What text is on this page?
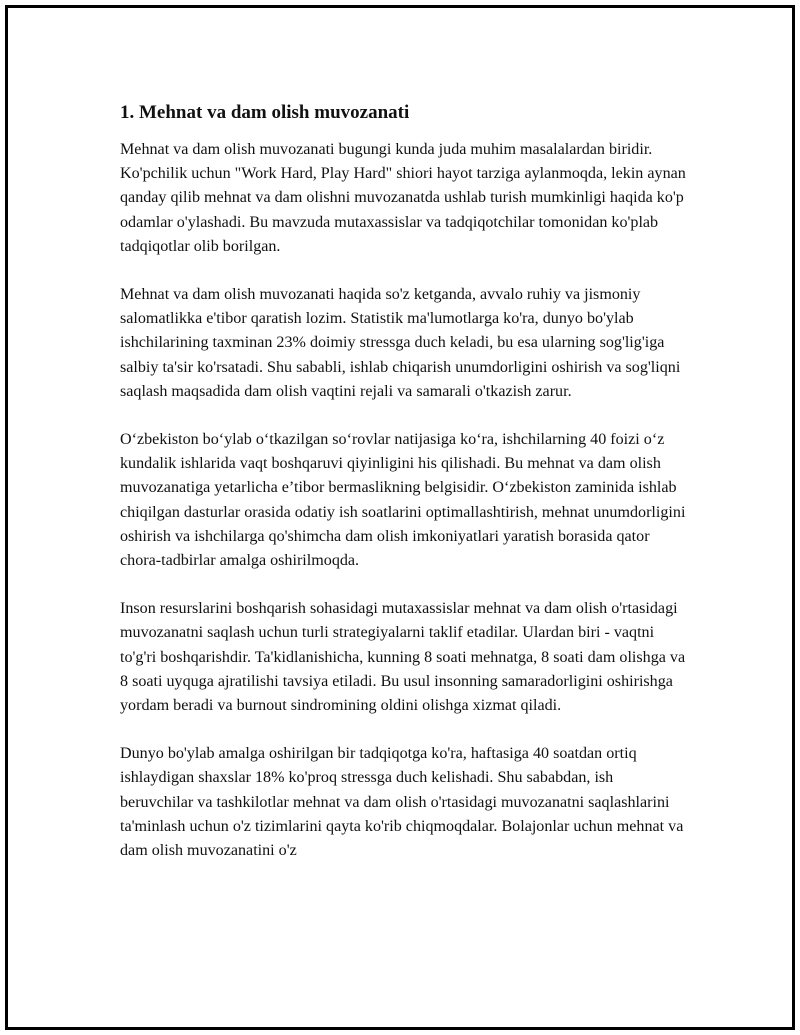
1. Mehnat va dam olish muvozanati

Mehnat va dam olish muvozanati bugungi kunda juda muhim masalalardan biridir. Ko'pchilik uchun "Work Hard, Play Hard" shiori hayot tarziga aylanmoqda, lekin aynan qanday qilib mehnat va dam olishni muvozanatda ushlab turish mumkinligi haqida ko'p odamlar o'ylashadi. Bu mavzuda mutaxassislar va tadqiqotchilar tomonidan ko'plab tadqiqotlar olib borilgan.

Mehnat va dam olish muvozanati haqida so'z ketganda, avvalo ruhiy va jismoniy salomatlikka e'tibor qaratish lozim. Statistik ma'lumotlarga ko'ra, dunyo bo'ylab ishchilarining taxminan 23% doimiy stressga duch keladi, bu esa ularning sog'lig'iga salbiy ta'sir ko'rsatadi. Shu sababli, ishlab chiqarish unumdorligini oshirish va sog'liqni saqlash maqsadida dam olish vaqtini rejali va samarali o'tkazish zarur.

O‘zbekiston bo‘ylab o‘tkazilgan so‘rovlar natijasiga ko‘ra, ishchilarning 40 foizi o‘z kundalik ishlarida vaqt boshqaruvi qiyinligini his qilishadi. Bu mehnat va dam olish muvozanatiga yetarlicha e’tibor bermaslikning belgisidir. O‘zbekiston zaminida ishlab chiqilgan dasturlar orasida odatiy ish soatlarini optimallashtirish, mehnat unumdorligini oshirish va ishchilarga qo'shimcha dam olish imkoniyatlari yaratish borasida qator chora-tadbirlar amalga oshirilmoqda.

Inson resurslarini boshqarish sohasidagi mutaxassislar mehnat va dam olish o'rtasidagi muvozanatni saqlash uchun turli strategiyalarni taklif etadilar. Ulardan biri - vaqtni to'g'ri boshqarishdir. Ta'kidlanishicha, kunning 8 soati mehnatga, 8 soati dam olishga va 8 soati uyquga ajratilishi tavsiya etiladi. Bu usul insonning samaradorligini oshirishga yordam beradi va burnout sindromining oldini olishga xizmat qiladi.

Dunyo bo'ylab amalga oshirilgan bir tadqiqotga ko'ra, haftasiga 40 soatdan ortiq ishlaydigan shaxslar 18% ko'proq stressga duch kelishadi. Shu sababdan, ish beruvchilar va tashkilotlar mehnat va dam olish o'rtasidagi muvozanatni saqlashlarini ta'minlash uchun o'z tizimlarini qayta ko'rib chiqmoqdalar. Bolajonlar uchun mehnat va dam olish muvozanatini o'z
